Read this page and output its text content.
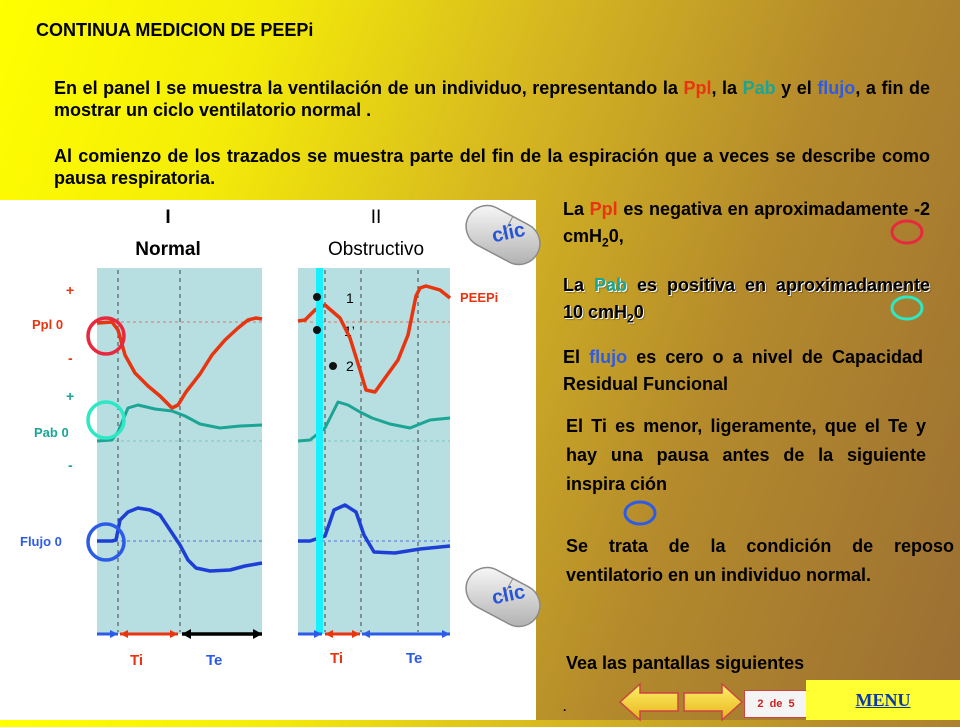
CONTINUA MEDICION DE PEEPi
En el panel I se muestra la ventilación de un individuo, representando la Ppl, la Pab y el flujo, a fin de mostrar un ciclo ventilatorio normal .
Al comienzo de los trazados se muestra parte del fin de la espiración que a veces se describe como pausa respiratoria.
I
Normal
II
Obstructivo
+
Ppl 0
-
+
Pab 0
-
Flujo 0
1
1’
2
PEEPi
Ti	Te	Ti	Te
clic
clic
La Ppl es negativa en aproximadamente -2 cmH$_2$0,
La Pab es positiva en aproximadamente 10 cmH$_2$0
El flujo es cero o a nivel de Capacidad Residual Funcional
El Ti es menor, ligeramente, que el Te y hay una pausa antes de la siguiente inspira ción
Se trata de la condición de reposo ventilatorio en un individuo normal.
Vea las pantallas siguientes
.	2
de
5	MENU
